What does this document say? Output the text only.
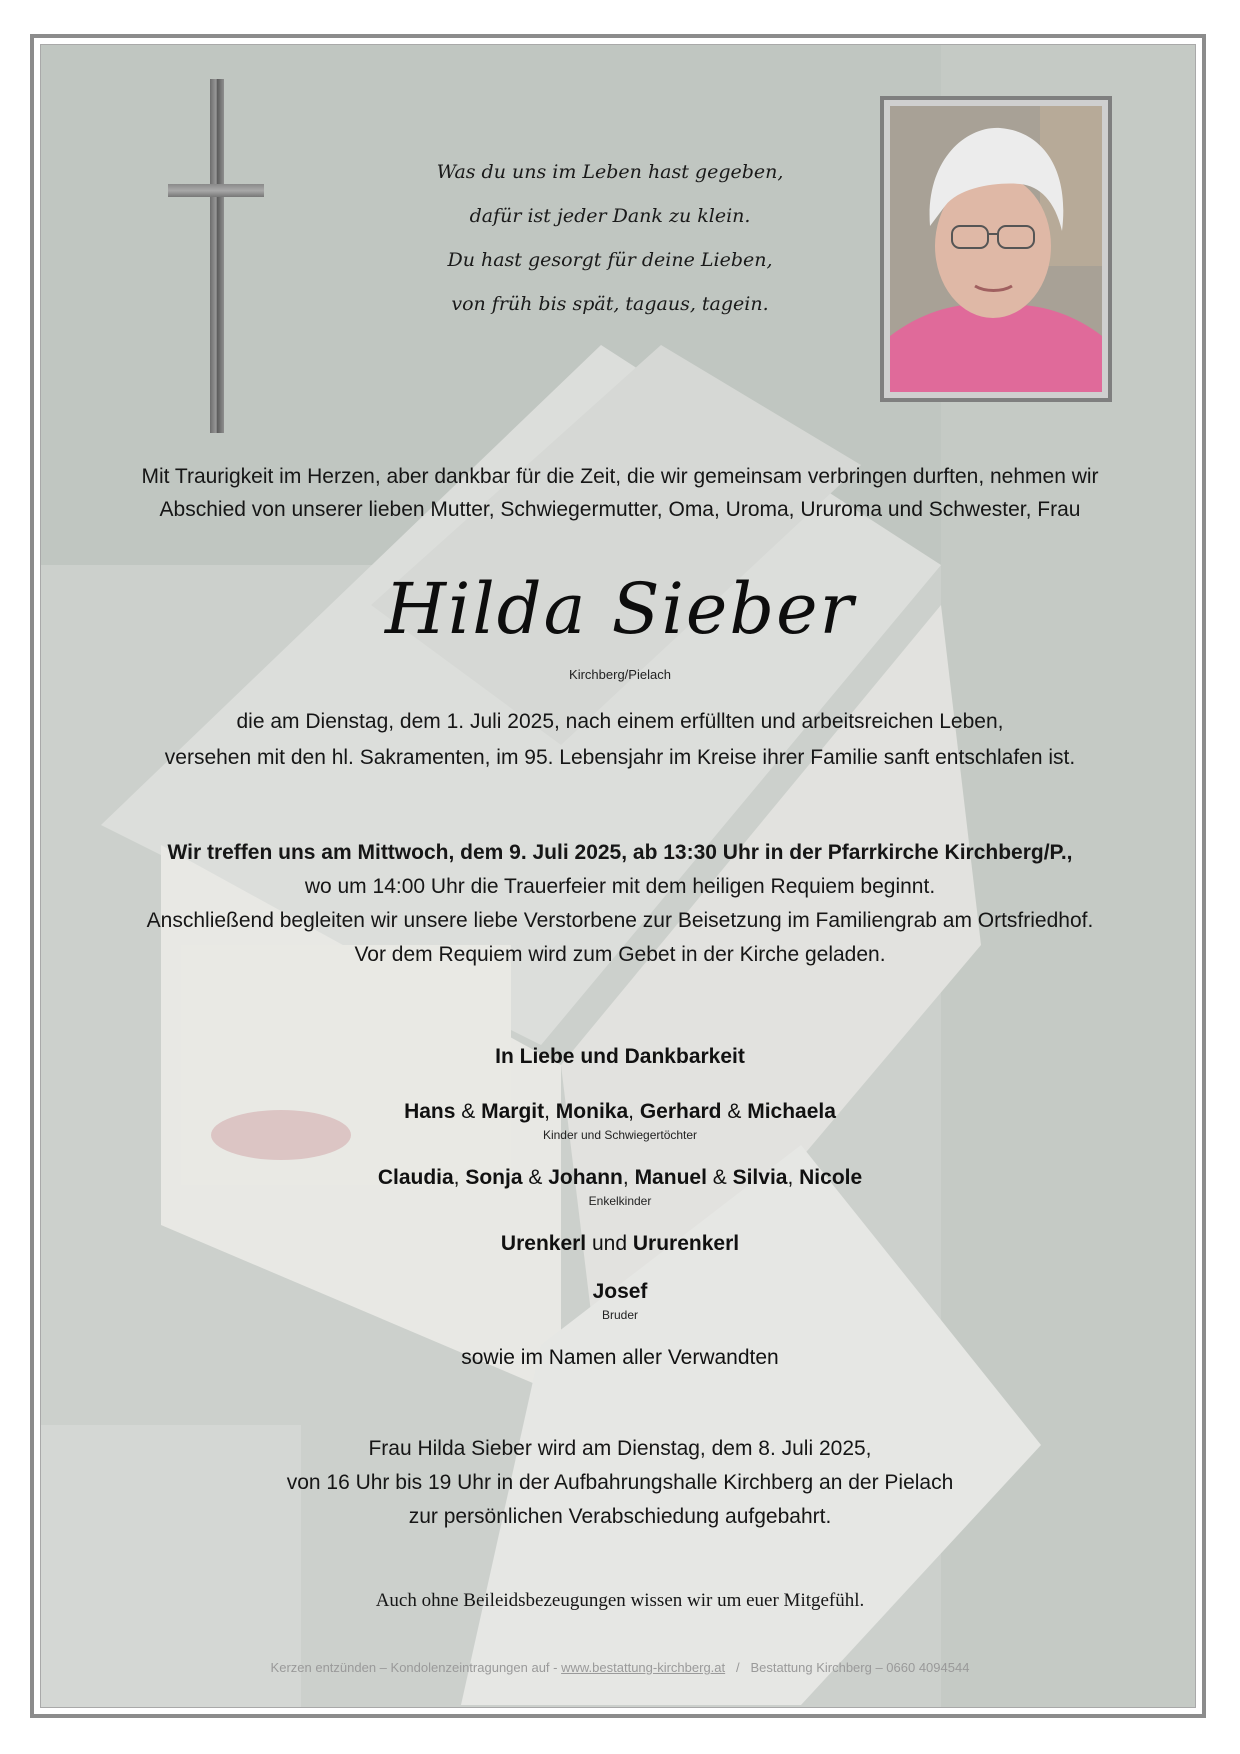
Was du uns im Leben hast gegeben,
dafür ist jeder Dank zu klein.
Du hast gesorgt für deine Lieben,
von früh bis spät, tagaus, tagein.
Mit Traurigkeit im Herzen, aber dankbar für die Zeit, die wir gemeinsam verbringen durften, nehmen wir
Abschied von unserer lieben Mutter, Schwiegermutter, Oma, Uroma, Ururoma und Schwester, Frau
Hilda Sieber
Kirchberg/Pielach
die am Dienstag, dem 1. Juli 2025, nach einem erfüllten und arbeitsreichen Leben,
versehen mit den hl. Sakramenten, im 95. Lebensjahr im Kreise ihrer Familie sanft entschlafen ist.
Wir treffen uns am Mittwoch, dem 9. Juli 2025, ab 13:30 Uhr in der Pfarrkirche Kirchberg/P.,
wo um 14:00 Uhr die Trauerfeier mit dem heiligen Requiem beginnt.
Anschließend begleiten wir unsere liebe Verstorbene zur Beisetzung im Familiengrab am Ortsfriedhof.
Vor dem Requiem wird zum Gebet in der Kirche geladen.
In Liebe und Dankbarkeit
Hans & Margit, Monika, Gerhard & Michaela
Kinder und Schwiegertöchter
Claudia, Sonja & Johann, Manuel & Silvia, Nicole
Enkelkinder
Urenkerl und Ururenkerl
Josef
Bruder
sowie im Namen aller Verwandten
Frau Hilda Sieber wird am Dienstag, dem 8. Juli 2025,
von 16 Uhr bis 19 Uhr in der Aufbahrungshalle Kirchberg an der Pielach
zur persönlichen Verabschiedung aufgebahrt.
Auch ohne Beileidsbezeugungen wissen wir um euer Mitgefühl.
Kerzen entzünden – Kondolenzeintragungen auf - www.bestattung-kirchberg.at   /   Bestattung Kirchberg – 0660 4094544
